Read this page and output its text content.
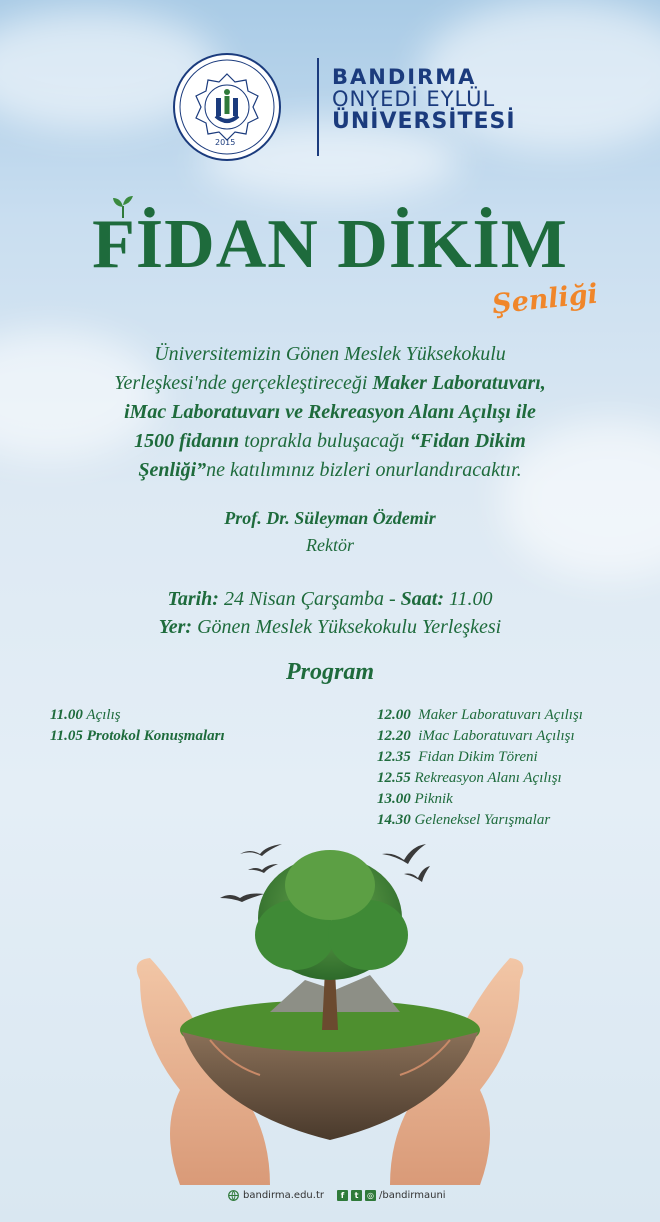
2015
BANDIRMA
ONYEDİ EYLÜL
ÜNİVERSİTESİ
FİDAN DİKİM
Şenliği
Üniversitemizin Gönen Meslek Yüksekokulu
Yerleşkesi'nde gerçekleştireceği Maker Laboratuvarı,
iMac Laboratuvarı ve Rekreasyon Alanı Açılışı ile
1500 fidanın toprakla buluşacağı “Fidan Dikim
Şenliği”ne katılımınız bizleri onurlandıracaktır.
Prof. Dr. Süleyman Özdemir
Rektör
Tarih: 24 Nisan Çarşamba - Saat: 11.00
Yer: Gönen Meslek Yüksekokulu Yerleşkesi
Program
11.00 Açılış
11.05 Protokol Konuşmaları
12.00  Maker Laboratuvarı Açılışı
12.20  iMac Laboratuvarı Açılışı
12.35  Fidan Dikim Töreni
12.55 Rekreasyon Alanı Açılışı
13.00 Piknik
14.30 Geleneksel Yarışmalar
bandirma.edu.tr	f	t	◎ /bandirmauni
